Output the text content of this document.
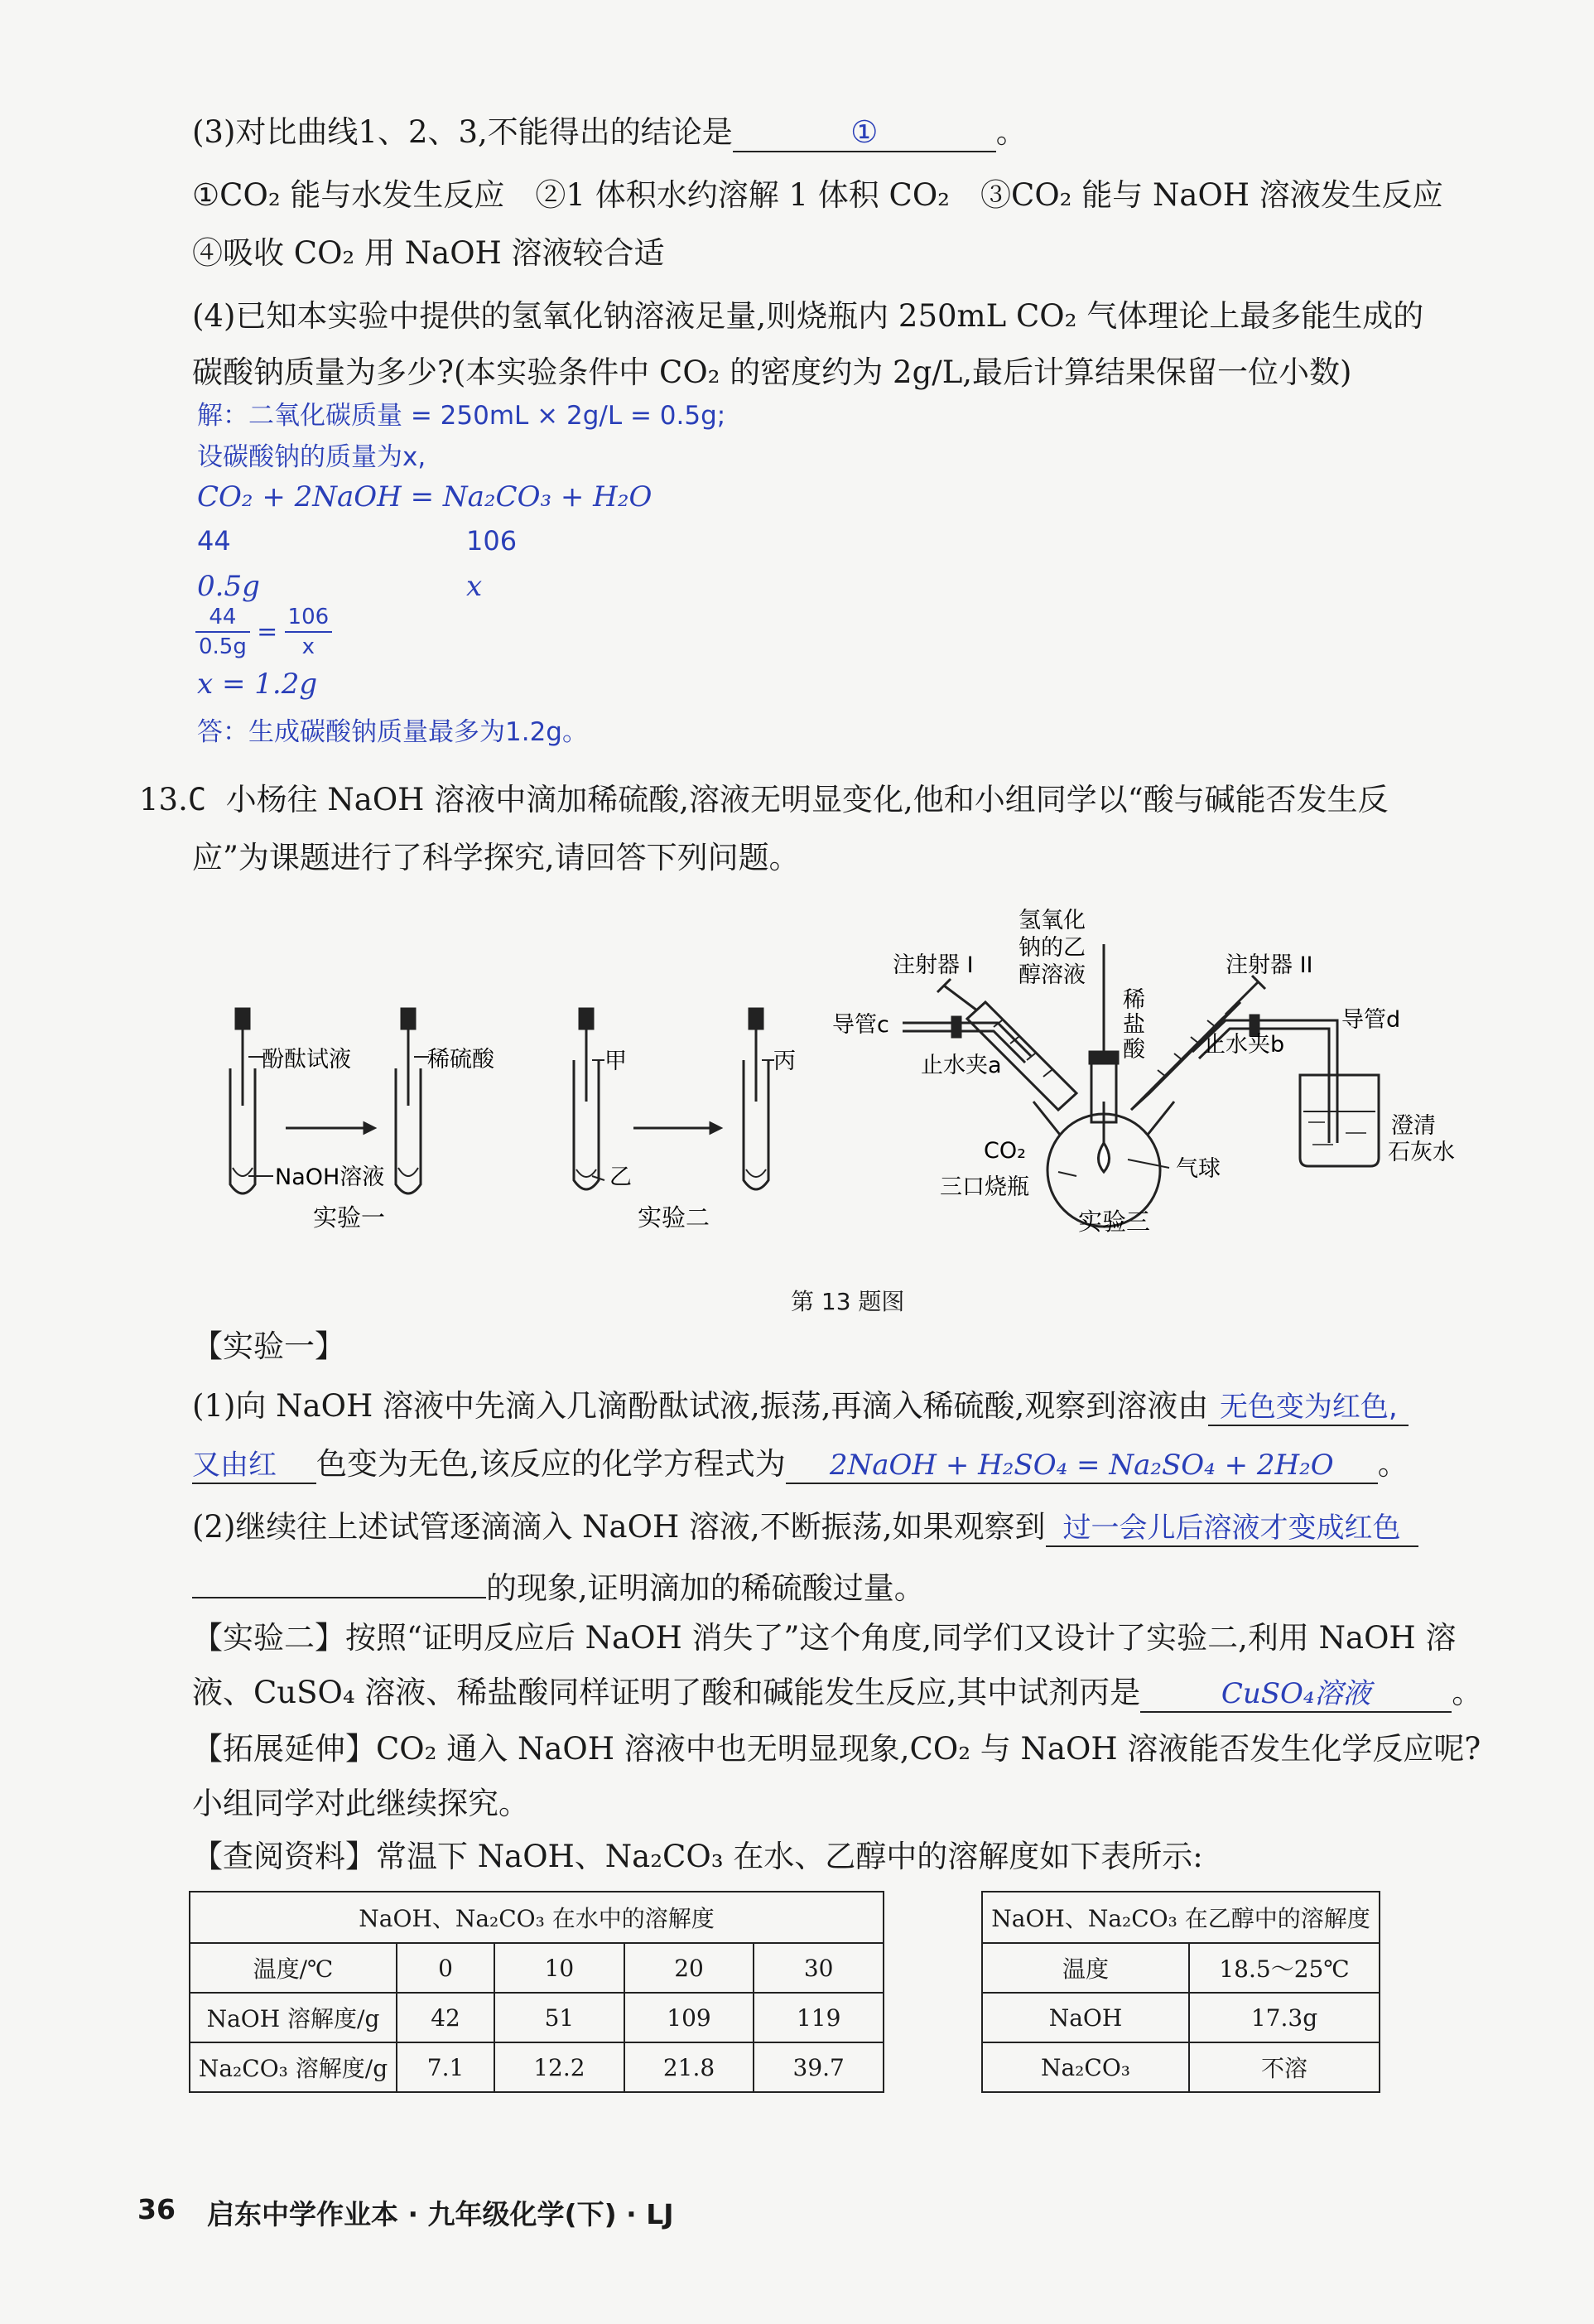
(3)对比曲线1、2、3,不能得出的结论是	①	。
①CO₂ 能与水发生反应　②1 体积水约溶解 1 体积 CO₂　③CO₂ 能与 NaOH 溶液发生反应
④吸收 CO₂ 用 NaOH 溶液较合适
(4)已知本实验中提供的氢氧化钠溶液足量,则烧瓶内 250mL CO₂ 气体理论上最多能生成的
碳酸钠质量为多少?(本实验条件中 CO₂ 的密度约为 2g/L,最后计算结果保留一位小数)
解：二氧化碳质量 = 250mL × 2g/L = 0.5g;
设碳酸钠的质量为x,
CO₂ + 2NaOH = Na₂CO₃ + H₂O
44	106
0.5g	x
$\frac{44}{0.5g} = \frac{106}{x}$
x = 1.2g
答：生成碳酸钠质量最多为1.2g。
13.C 小杨往 NaOH 溶液中滴加稀硫酸,溶液无明显变化,他和小组同学以“酸与碱能否发生反
应”为课题进行了科学探究,请回答下列问题。
酚酞试液	稀硫酸
NaOH溶液
实验一
甲	丙
乙
实验二
注射器 I	注射器 II
氢氧化
钠的乙
醇溶液
稀
盐
酸
导管c	导管d
止水夹a
止水夹b
CO₂
三口烧瓶
气球
澄清
石灰水
实验三
第 13 题图
【实验一】
(1)向 NaOH 溶液中先滴入几滴酚酞试液,振荡,再滴入稀硫酸,观察到溶液由 无色变为红色,
又由红 色变为无色,该反应的化学方程式为 2NaOH + H₂SO₄ = Na₂SO₄ + 2H₂O 。
(2)继续往上述试管逐滴滴入 NaOH 溶液,不断振荡,如果观察到 过一会儿后溶液才变成红色
的现象,证明滴加的稀硫酸过量。
【实验二】按照“证明反应后 NaOH 消失了”这个角度,同学们又设计了实验二,利用 NaOH 溶
液、CuSO₄ 溶液、稀盐酸同样证明了酸和碱能发生反应,其中试剂丙是	CuSO₄溶液	。
【拓展延伸】CO₂ 通入 NaOH 溶液中也无明显现象,CO₂ 与 NaOH 溶液能否发生化学反应呢?
小组同学对此继续探究。
【查阅资料】常温下 NaOH、Na₂CO₃ 在水、乙醇中的溶解度如下表所示:
NaOH、Na₂CO₃ 在水中的溶解度				
温度/℃	0	10	20	30
NaOH 溶解度/g	42	51	109	119
Na₂CO₃ 溶解度/g	7.1	12.2	21.8	39.7
NaOH、Na₂CO₃ 在乙醇中的溶解度	
温度	18.5～25℃
NaOH	17.3g
Na₂CO₃	不溶
36 启东中学作业本 · 九年级化学(下) · LJ
